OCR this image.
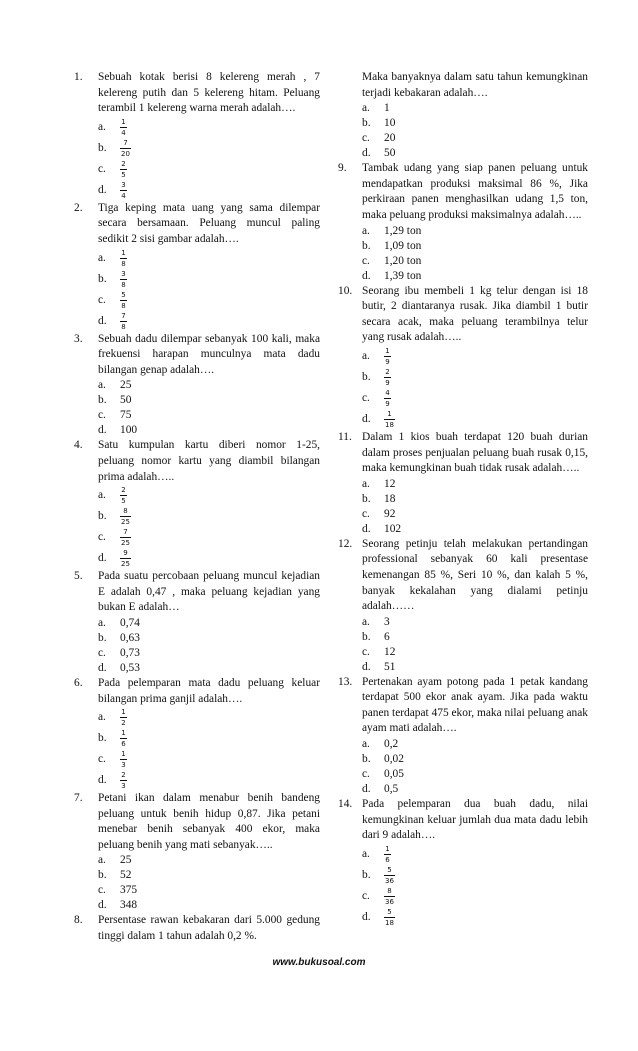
1.	Sebuah kotak berisi 8 kelereng merah , 7 kelereng putih dan 5 kelereng hitam. Peluang terambil 1 kelereng warna merah adalah….
a.	$\frac{1}{4}$
b.	$\frac{7}{20}$
c.	$\frac{2}{5}$
d.	$\frac{3}{4}$
2.	Tiga keping mata uang yang sama dilempar secara bersamaan. Peluang muncul paling sedikit 2 sisi gambar adalah….
a.	$\frac{1}{8}$
b.	$\frac{3}{8}$
c.	$\frac{5}{8}$
d.	$\frac{7}{8}$
3.	Sebuah dadu dilempar sebanyak 100 kali, maka frekuensi harapan munculnya mata dadu bilangan genap adalah….
a.	25
b.	50
c.	75
d.	100
4.	Satu kumpulan kartu diberi nomor 1-25, peluang nomor kartu yang diambil bilangan prima adalah…..
a.	$\frac{2}{5}$
b.	$\frac{8}{25}$
c.	$\frac{7}{25}$
d.	$\frac{9}{25}$
5.	Pada suatu percobaan peluang muncul kejadian E adalah 0,47 , maka peluang kejadian yang bukan E adalah…
a.	0,74
b.	0,63
c.	0,73
d.	0,53
6.	Pada pelemparan mata dadu peluang keluar bilangan prima ganjil adalah….
a.	$\frac{1}{2}$
b.	$\frac{1}{6}$
c.	$\frac{1}{3}$
d.	$\frac{2}{3}$
7.	Petani ikan dalam menabur benih bandeng peluang untuk benih hidup 0,87. Jika petani menebar benih sebanyak 400 ekor, maka peluang benih yang mati sebanyak…..
a.	25
b.	52
c.	375
d.	348
8.	Persentase rawan kebakaran dari 5.000 gedung tinggi dalam 1 tahun adalah 0,2 %.
Maka banyaknya dalam satu tahun kemungkinan terjadi kebakaran adalah….
a.	1
b.	10
c.	20
d.	50
9.	Tambak udang yang siap panen peluang untuk mendapatkan produksi maksimal 86 %, Jika perkiraan panen menghasilkan udang 1,5 ton, maka peluang produksi maksimalnya adalah…..
a.	1,29 ton
b.	1,09 ton
c.	1,20 ton
d.	1,39 ton
10. Seorang ibu membeli 1 kg telur dengan isi 18 butir, 2 diantaranya rusak. Jika diambil 1 butir secara acak, maka peluang terambilnya telur yang rusak adalah…..
a.	$\frac{1}{9}$
b.	$\frac{2}{9}$
c.	$\frac{4}{9}$
d.	$\frac{1}{18}$
11. Dalam 1 kios buah terdapat 120 buah durian dalam proses penjualan peluang buah rusak 0,15, maka kemungkinan buah tidak rusak adalah…..
a.	12
b.	18
c.	92
d.	102
12. Seorang petinju telah melakukan pertandingan professional sebanyak 60 kali presentase kemenangan 85 %, Seri 10 %, dan kalah 5 %, banyak kekalahan yang dialami petinju adalah……
a.	3
b.	6
c.	12
d.	51
13. Pertenakan ayam potong pada 1 petak kandang terdapat 500 ekor anak ayam. Jika pada waktu panen terdapat 475 ekor, maka nilai peluang anak ayam mati adalah….
a.	0,2
b.	0,02
c.	0,05
d.	0,5
14. Pada pelemparan dua buah dadu, nilai kemungkinan keluar jumlah dua mata dadu lebih dari 9 adalah….
a.	$\frac{1}{6}$
b.	$\frac{5}{36}$
c.	$\frac{8}{36}$
d.	$\frac{5}{18}$
www.bukusoal.com
